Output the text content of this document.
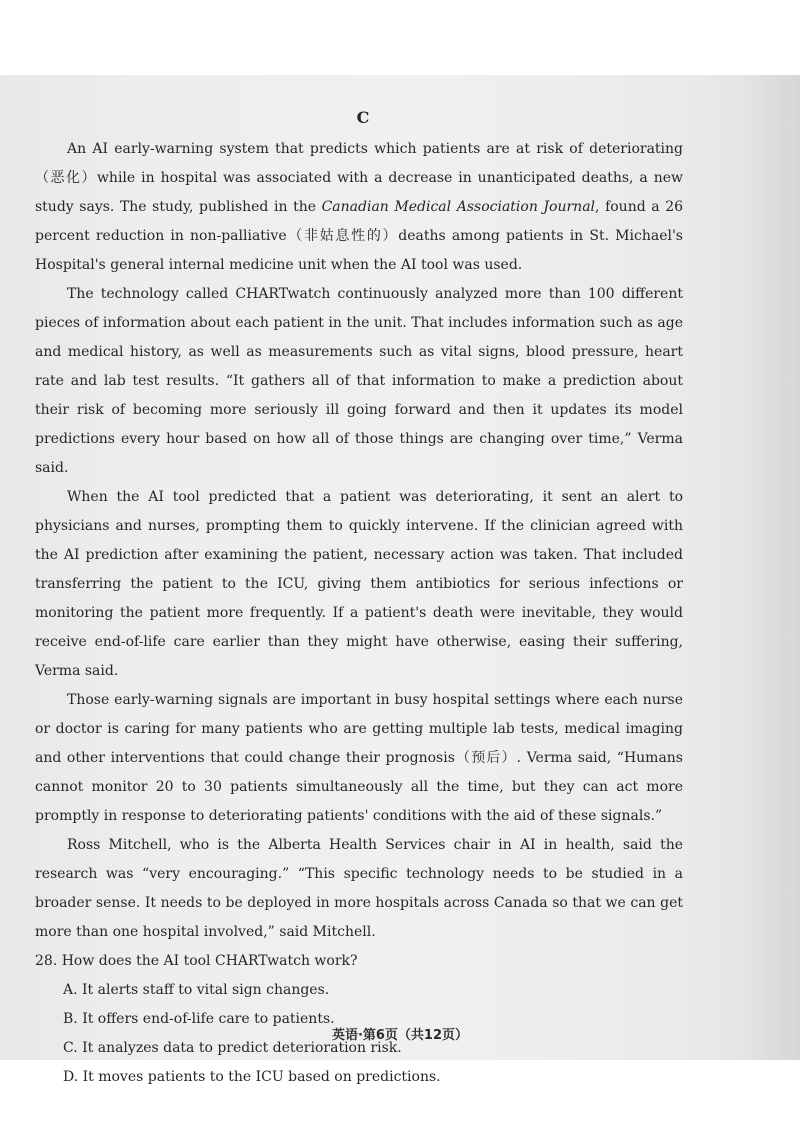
C

An AI early-warning system that predicts which patients are at risk of deteriorating（恶化）while in hospital was associated with a decrease in unanticipated deaths, a new study says. The study, published in the Canadian Medical Association Journal, found a 26 percent reduction in non-palliative（非姑息性的）deaths among patients in St. Michael's Hospital's general internal medicine unit when the AI tool was used.

The technology called CHARTwatch continuously analyzed more than 100 different pieces of information about each patient in the unit. That includes information such as age and medical history, as well as measurements such as vital signs, blood pressure, heart rate and lab test results. “It gathers all of that information to make a prediction about their risk of becoming more seriously ill going forward and then it updates its model predictions every hour based on how all of those things are changing over time,” Verma said.

When the AI tool predicted that a patient was deteriorating, it sent an alert to physicians and nurses, prompting them to quickly intervene. If the clinician agreed with the AI prediction after examining the patient, necessary action was taken. That included transferring the patient to the ICU, giving them antibiotics for serious infections or monitoring the patient more frequently. If a patient's death were inevitable, they would receive end-of-life care earlier than they might have otherwise, easing their suffering, Verma said.

Those early-warning signals are important in busy hospital settings where each nurse or doctor is caring for many patients who are getting multiple lab tests, medical imaging and other interventions that could change their prognosis（预后）. Verma said, “Humans cannot monitor 20 to 30 patients simultaneously all the time, but they can act more promptly in response to deteriorating patients' conditions with the aid of these signals.”

Ross Mitchell, who is the Alberta Health Services chair in AI in health, said the research was “very encouraging.” “This specific technology needs to be studied in a broader sense. It needs to be deployed in more hospitals across Canada so that we can get more than one hospital involved,” said Mitchell.

28. How does the AI tool CHARTwatch work?

A. It alerts staff to vital sign changes.
B. It offers end-of-life care to patients.
C. It analyzes data to predict deterioration risk.
D. It moves patients to the ICU based on predictions.
英语·第6页（共12页）
